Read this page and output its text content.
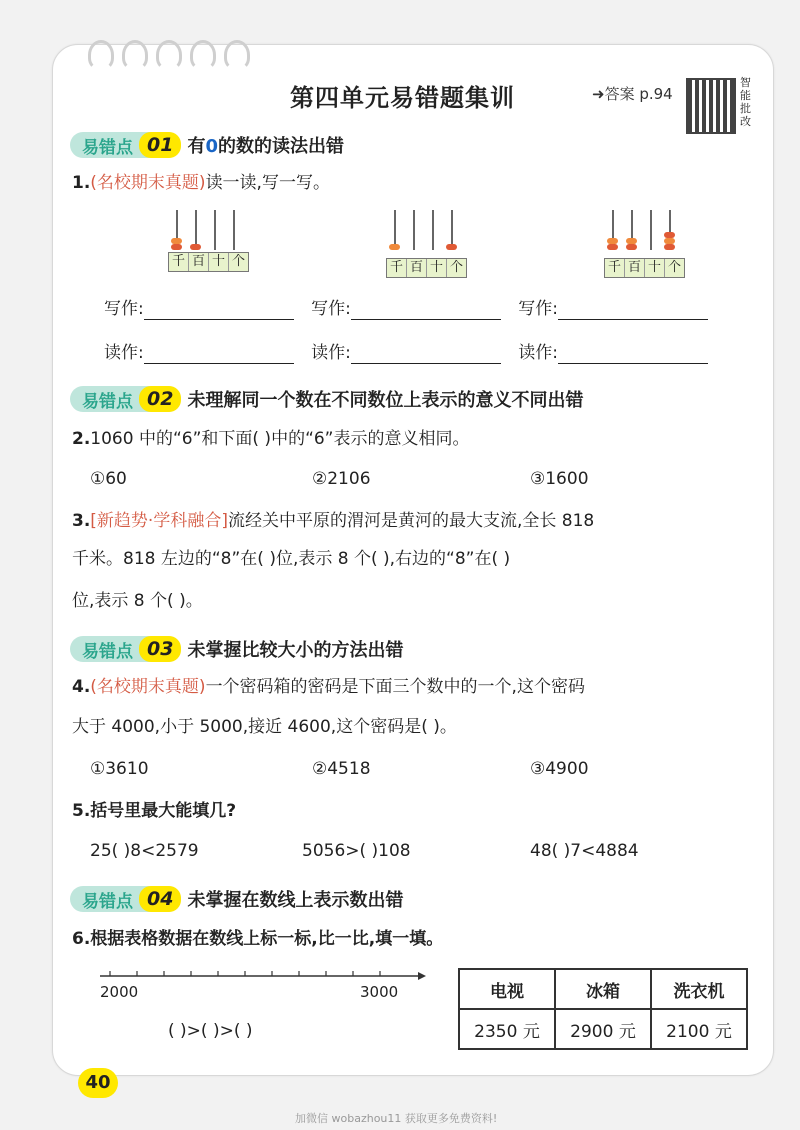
第四单元易错题集训	➜答案 p.94
智能批改
易错点 01 有0的数的读法出错
1.(名校期末真题)读一读,写一写。
千 百 十 个	千 百 十 个	千 百 十 个
写作:	写作:	写作:
读作:	读作:	读作:
易错点 02 未理解同一个数在不同数位上表示的意义不同出错
2.1060 中的“6”和下面( )中的“6”表示的意义相同。
①60	②2106	③1600
3.[新趋势·学科融合]流经关中平原的渭河是黄河的最大支流,全长 818
千米。818 左边的“8”在( )位,表示 8 个( ),右边的“8”在( )
位,表示 8 个( )。
易错点 03 未掌握比较大小的方法出错
4.(名校期末真题)一个密码箱的密码是下面三个数中的一个,这个密码
大于 4000,小于 5000,接近 4600,这个密码是( )。
①3610	②4518	③4900
5.括号里最大能填几?
25( )8<2579	5056>( )108	48( )7<4884
易错点 04 未掌握在数线上表示数出错
6.根据表格数据在数线上标一标,比一比,填一填。
2000	3000
( )>( )>( )
电视	冰箱	洗衣机
2350 元	2900 元	2100 元
40
加微信 wobazhou11 获取更多免费资料!
